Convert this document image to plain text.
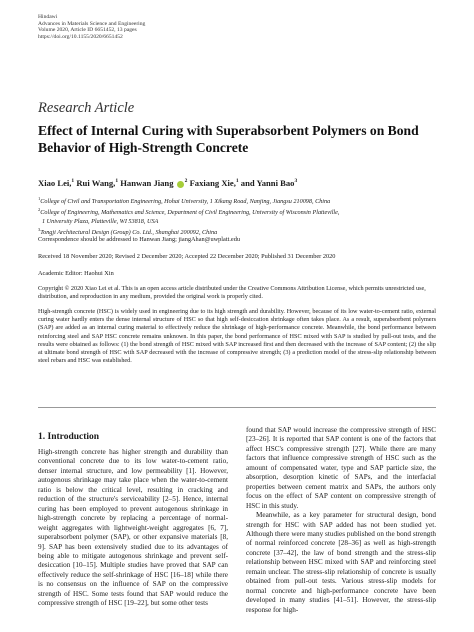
Hindawi
Advances in Materials Science and Engineering
Volume 2020, Article ID 6651452, 13 pages
https://doi.org/10.1155/2020/6651452
Research Article
Effect of Internal Curing with Superabsorbent Polymers on Bond Behavior of High-Strength Concrete
Xiao Lei,$^1$ Rui Wang,$^1$ Hanwan Jiang $^2$ Faxiang Xie,$^1$ and Yanni Bao$^3$
$^1$College of Civil and Transportation Engineering, Hohai University, 1 Xikang Road, Nanjing, Jiangsu 210098, China
$^2$College of Engineering, Mathematics and Science, Department of Civil Engineering, University of Wisconsin Platteville,
1 University Plaza, Platteville, WI 53818, USA
$^3$Tongji Architectural Design (Group) Co. Ltd., Shanghai 200092, China
Correspondence should be addressed to Hanwan Jiang; jiangAhan@uwplatt.edu
Received 18 November 2020; Revised 2 December 2020; Accepted 22 December 2020; Published 31 December 2020
Academic Editor: Haohui Xin
Copyright © 2020 Xiao Lei et al. This is an open access article distributed under the Creative Commons Attribution License, which permits unrestricted use, distribution, and reproduction in any medium, provided the original work is properly cited.
High-strength concrete (HSC) is widely used in engineering due to its high strength and durability. However, because of its low water-to-cement ratio, external curing water hardly enters the dense internal structure of HSC so that high self-desiccation shrinkage often takes place. As a result, superabsorbent polymers (SAP) are added as an internal curing material to effectively reduce the shrinkage of high-performance concrete. Meanwhile, the bond performance between reinforcing steel and SAP HSC concrete remains unknown. In this paper, the bond performance of HSC mixed with SAP is studied by pull-out tests, and the results were obtained as follows: (1) the bond strength of HSC mixed with SAP increased first and then decreased with the increase of SAP content; (2) the slip at ultimate bond strength of HSC with SAP decreased with the increase of compressive strength; (3) a prediction model of the stress-slip relationship between steel rebars and HSC was established.
1. Introduction

High-strength concrete has higher strength and durability than conventional concrete due to its low water-to-cement ratio, denser internal structure, and low permeability [1]. However, autogenous shrinkage may take place when the water-to-cement ratio is below the critical level, resulting in cracking and reduction of the structure's serviceability [2–5]. Hence, internal curing has been employed to prevent autogenous shrinkage in high-strength concrete by replacing a percentage of normal-weight aggregates with lightweight-weight aggregates [6, 7], superabsorbent polymer (SAP), or other expansive materials [8, 9]. SAP has been extensively studied due to its advantages of being able to mitigate autogenous shrinkage and prevent self-desiccation [10–15]. Multiple studies have proved that SAP can effectively reduce the self-shrinkage of HSC [16–18] while there is no consensus on the influence of SAP on the compressive strength of HSC. Some tests found that SAP would reduce the compressive strength of HSC [19–22], but some other tests

found that SAP would increase the compressive strength of HSC [23–26]. It is reported that SAP content is one of the factors that affect HSC's compressive strength [27]. While there are many factors that influence compressive strength of HSC such as the amount of compensated water, type and SAP particle size, the absorption, desorption kinetic of SAPs, and the interfacial properties between cement matrix and SAPs, the authors only focus on the effect of SAP content on compressive strength of HSC in this study.

Meanwhile, as a key parameter for structural design, bond strength for HSC with SAP added has not been studied yet. Although there were many studies published on the bond strength of normal reinforced concrete [28–36] as well as high-strength concrete [37–42], the law of bond strength and the stress-slip relationship between HSC mixed with SAP and reinforcing steel remain unclear. The stress-slip relationship of concrete is usually obtained from pull-out tests. Various stress-slip models for normal concrete and high-performance concrete have been developed in many studies [41–51]. However, the stress-slip response for high-
